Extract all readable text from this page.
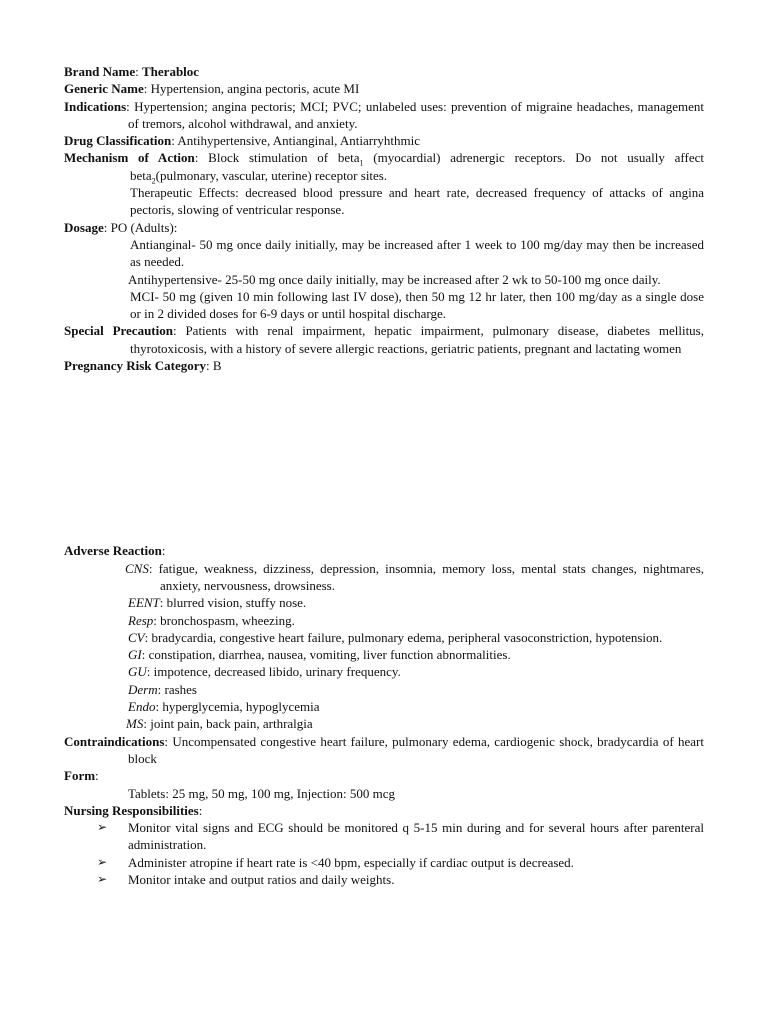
Brand Name: Therabloc
Generic Name: Hypertension, angina pectoris, acute MI
Indications: Hypertension; angina pectoris; MCI; PVC; unlabeled uses: prevention of migraine headaches, management of tremors, alcohol withdrawal, and anxiety.
Drug Classification: Antihypertensive, Antianginal, Antiarryhthmic
Mechanism of Action: Block stimulation of beta$_1$ (myocardial) adrenergic receptors. Do not usually affect beta$_2$(pulmonary, vascular, uterine) receptor sites.
Therapeutic Effects: decreased blood pressure and heart rate, decreased frequency of attacks of angina pectoris, slowing of ventricular response.
Dosage: PO (Adults):
Antianginal- 50 mg once daily initially, may be increased after 1 week to 100 mg/day may then be increased as needed.
Antihypertensive- 25-50 mg once daily initially, may be increased after 2 wk to 50-100 mg once daily.
MCI- 50 mg (given 10 min following last IV dose), then 50 mg 12 hr later, then 100 mg/day as a single dose or in 2 divided doses for 6-9 days or until hospital discharge.
Special Precaution: Patients with renal impairment, hepatic impairment, pulmonary disease, diabetes mellitus, thyrotoxicosis, with a history of severe allergic reactions, geriatric patients, pregnant and lactating women
Pregnancy Risk Category: B
Adverse Reaction:
CNS: fatigue, weakness, dizziness, depression, insomnia, memory loss, mental stats changes, nightmares, anxiety, nervousness, drowsiness.
EENT: blurred vision, stuffy nose.
Resp: bronchospasm, wheezing.
CV: bradycardia, congestive heart failure, pulmonary edema, peripheral vasoconstriction, hypotension.
GI: constipation, diarrhea, nausea, vomiting, liver function abnormalities.
GU: impotence, decreased libido, urinary frequency.
Derm: rashes
Endo: hyperglycemia, hypoglycemia
MS: joint pain, back pain, arthralgia
Contraindications: Uncompensated congestive heart failure, pulmonary edema, cardiogenic shock, bradycardia of heart block
Form:
Tablets: 25 mg, 50 mg, 100 mg, Injection: 500 mcg
Nursing Responsibilities:
➢	Monitor vital signs and ECG should be monitored q 5-15 min during and for several hours after parenteral administration.
➢	Administer atropine if heart rate is <40 bpm, especially if cardiac output is decreased.
➢	Monitor intake and output ratios and daily weights.
